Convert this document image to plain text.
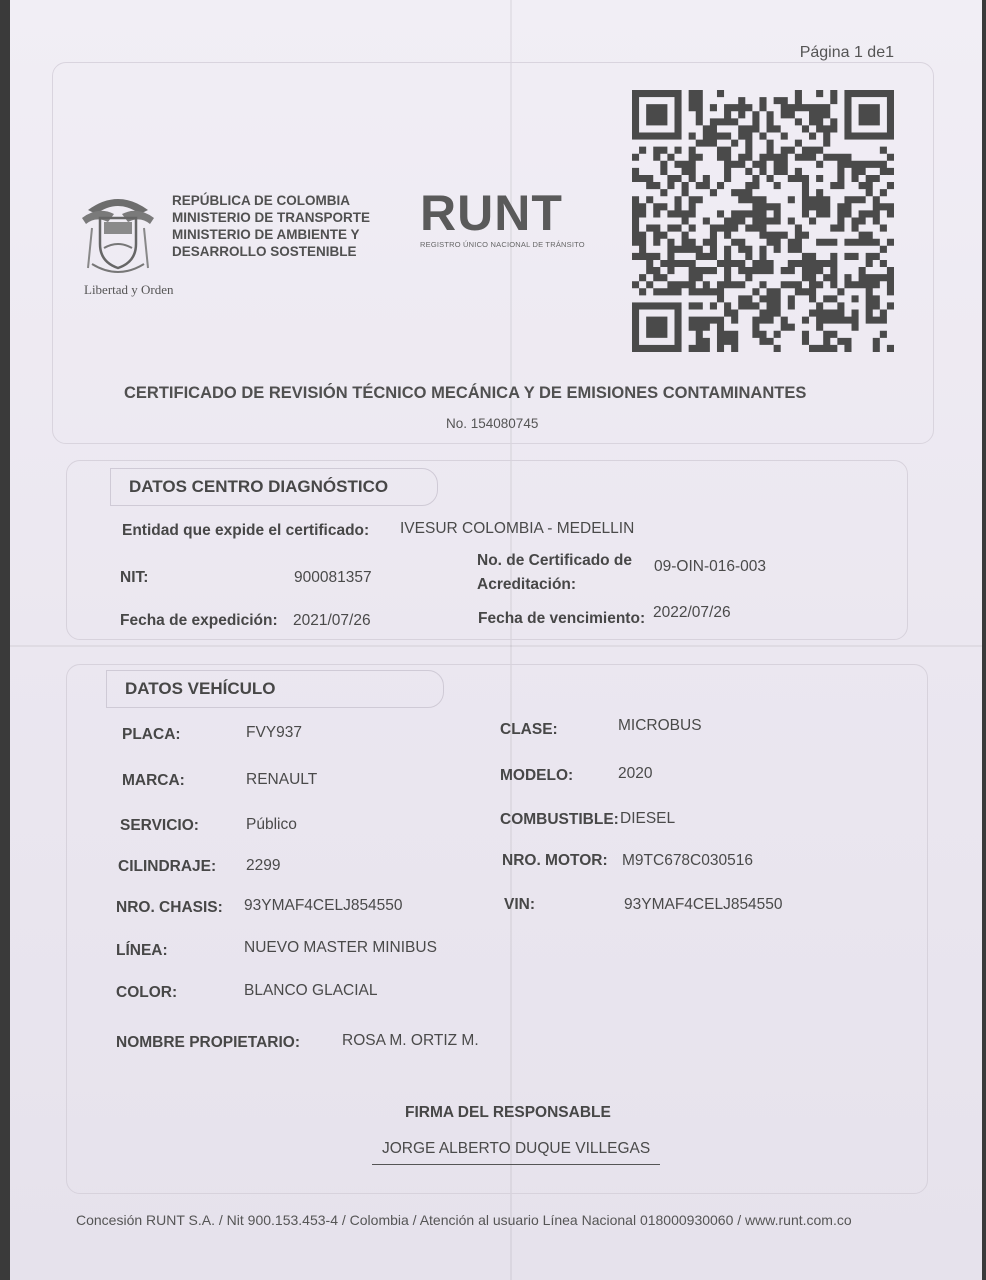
Página 1 de1
Libertad y Orden
REPÚBLICA DE COLOMBIA
MINISTERIO DE TRANSPORTE
MINISTERIO DE AMBIENTE Y
DESARROLLO SOSTENIBLE
RUNT
REGISTRO ÚNICO NACIONAL DE TRÁNSITO
CERTIFICADO DE REVISIÓN TÉCNICO MECÁNICA Y DE EMISIONES CONTAMINANTES
No. 154080745
DATOS CENTRO DIAGNÓSTICO
Entidad que expide el certificado: IVESUR COLOMBIA - MEDELLIN
NIT:	900081357
No. de Certificado de
Acreditación:
09-OIN-016-003
Fecha de expedición: 2021/07/26	Fecha de vencimiento: 2022/07/26
DATOS VEHÍCULO
PLACA:	FVY937	CLASE:	MICROBUS
MARCA:	RENAULT	MODELO:	2020
SERVICIO:	Público	COMBUSTIBLE: DIESEL
CILINDRAJE: 2299	NRO. MOTOR: M9TC678C030516
NRO. CHASIS: 93YMAF4CELJ854550	VIN:	93YMAF4CELJ854550
LÍNEA:	NUEVO MASTER MINIBUS
COLOR:	BLANCO GLACIAL
NOMBRE PROPIETARIO:	ROSA M. ORTIZ M.
FIRMA DEL RESPONSABLE
JORGE ALBERTO DUQUE VILLEGAS
Concesión RUNT S.A. / Nit 900.153.453-4 / Colombia / Atención al usuario Línea Nacional 018000930060 / www.runt.com.co
